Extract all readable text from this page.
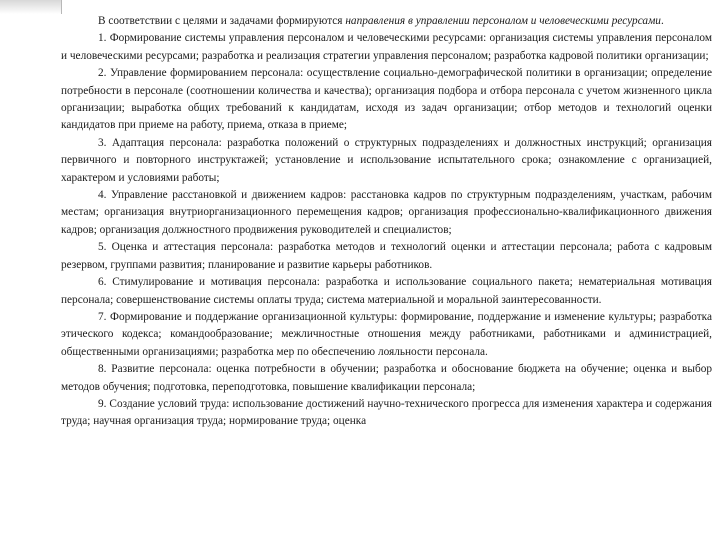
В соответствии с целями и задачами формируются направления в управлении персоналом и человеческими ресурсами.

1. Формирование системы управления персоналом и человеческими ресурсами: организация системы управления персоналом и человеческими ресурсами; разработка и реализация стратегии управления персоналом; разработка кадровой политики организации;

2. Управление формированием персонала: осуществление социально-демографической политики в организации; определение потребности в персонале (соотношении количества и качества); организация подбора и отбора персонала с учетом жизненного цикла организации; выработка общих требований к кандидатам, исходя из задач организации; отбор методов и технологий оценки кандидатов при приеме на работу, приема, отказа в приеме;

3. Адаптация персонала: разработка положений о структурных подразделениях и должностных инструкций; организация первичного и повторного инструктажей; установление и использование испытательного срока; ознакомление с организацией, характером и условиями работы;

4. Управление расстановкой и движением кадров: расстановка кадров по структурным подразделениям, участкам, рабочим местам; организация внутриорганизационного перемещения кадров; организация профессионально-квалификационного движения кадров; организация должностного продвижения руководителей и специалистов;

5. Оценка и аттестация персонала: разработка методов и технологий оценки и аттестации персонала; работа с кадровым резервом, группами развития; планирование и развитие карьеры работников.

6. Стимулирование и мотивация персонала: разработка и использование социального пакета; нематериальная мотивация персонала; совершенствование системы оплаты труда; система материальной и моральной заинтересованности.

7. Формирование и поддержание организационной культуры: формирование, поддержание и изменение культуры; разработка этического кодекса; командообразование; межличностные отношения между работниками, работниками и администрацией, общественными организациями; разработка мер по обеспечению лояльности персонала.

8. Развитие персонала: оценка потребности в обучении; разработка и обоснование бюджета на обучение; оценка и выбор методов обучения; подготовка, переподготовка, повышение квалификации персонала;

9. Создание условий труда: использование достижений научно-технического прогресса для изменения характера и содержания труда; научная организация труда; нормирование труда; оценка
